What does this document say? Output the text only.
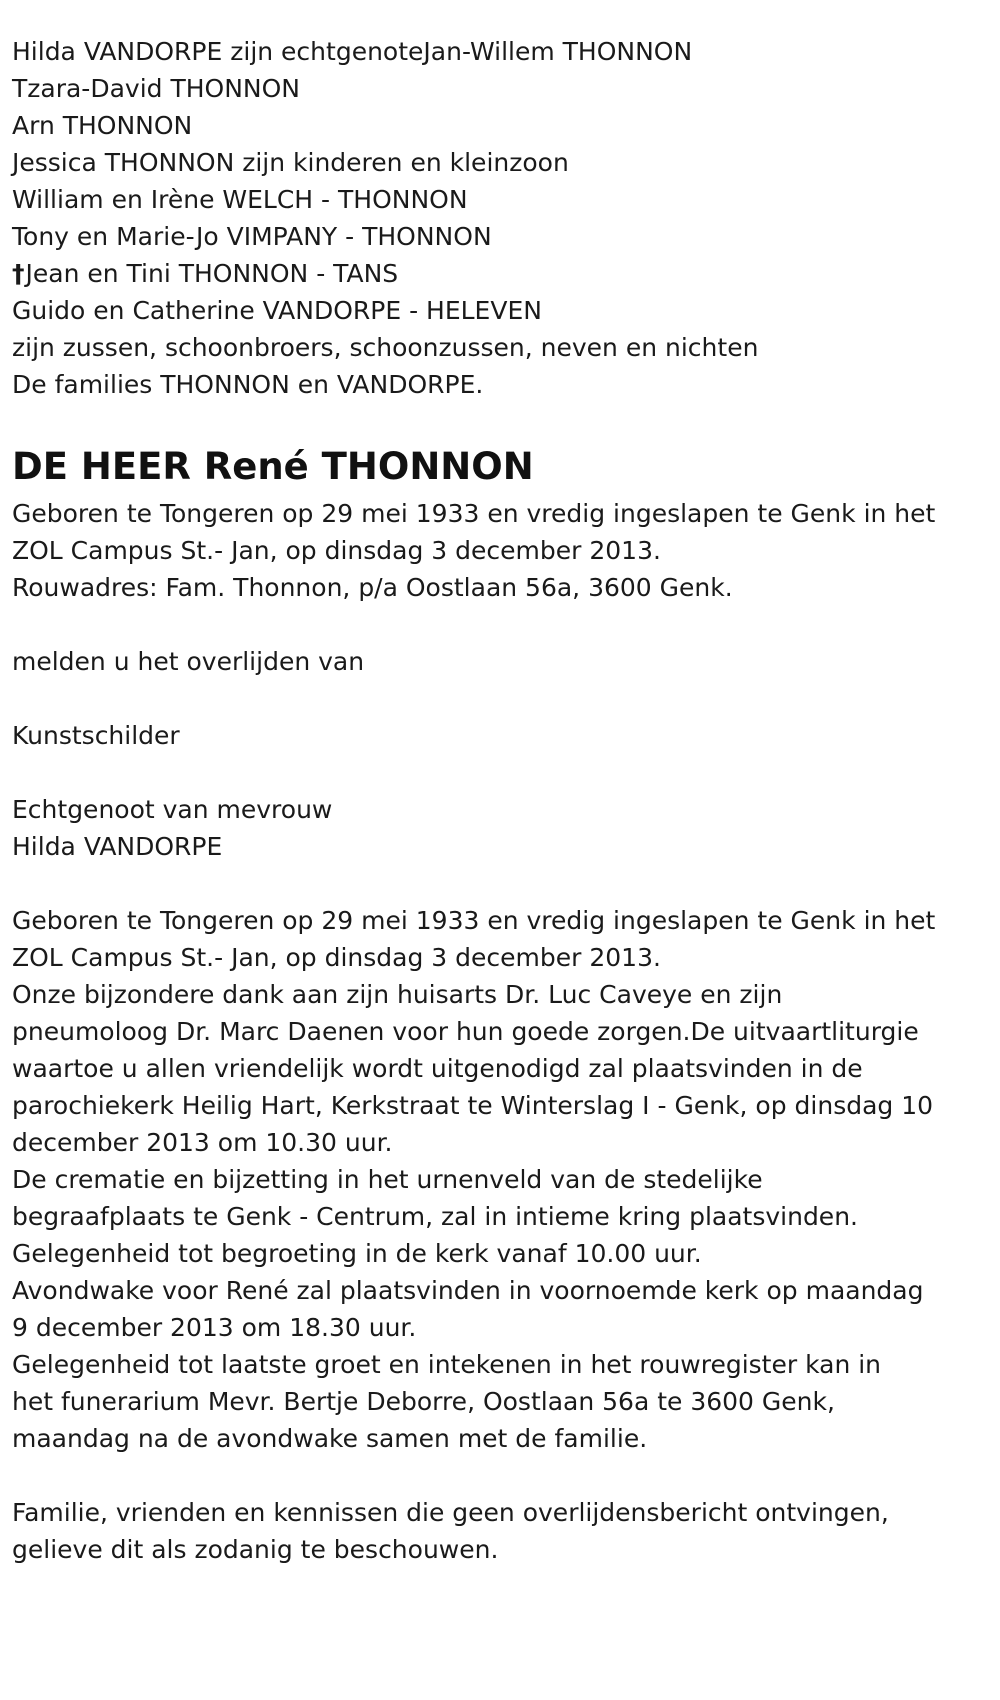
Hilda VANDORPE zijn echtgenoteJan-Willem THONNON
Tzara-David THONNON
Arn THONNON
Jessica THONNON zijn kinderen en kleinzoon
William en Irène WELCH - THONNON
Tony en Marie-Jo VIMPANY - THONNON
†Jean en Tini THONNON - TANS
Guido en Catherine VANDORPE - HELEVEN
zijn zussen, schoonbroers, schoonzussen, neven en nichten
De families THONNON en VANDORPE.
DE HEER René THONNON
Geboren te Tongeren op 29 mei 1933 en vredig ingeslapen te Genk in het
ZOL Campus St.- Jan, op dinsdag 3 december 2013.
Rouwadres: Fam. Thonnon, p/a Oostlaan 56a, 3600 Genk.
melden u het overlijden van
Kunstschilder
Echtgenoot van mevrouw
Hilda VANDORPE
Geboren te Tongeren op 29 mei 1933 en vredig ingeslapen te Genk in het
ZOL Campus St.- Jan, op dinsdag 3 december 2013.
Onze bijzondere dank aan zijn huisarts Dr. Luc Caveye en zijn
pneumoloog Dr. Marc Daenen voor hun goede zorgen.De uitvaartliturgie
waartoe u allen vriendelijk wordt uitgenodigd zal plaatsvinden in de
parochiekerk Heilig Hart, Kerkstraat te Winterslag I - Genk, op dinsdag 10
december 2013 om 10.30 uur.
De crematie en bijzetting in het urnenveld van de stedelijke
begraafplaats te Genk - Centrum, zal in intieme kring plaatsvinden.
Gelegenheid tot begroeting in de kerk vanaf 10.00 uur.
Avondwake voor René zal plaatsvinden in voornoemde kerk op maandag
9 december 2013 om 18.30 uur.
Gelegenheid tot laatste groet en intekenen in het rouwregister kan in
het funerarium Mevr. Bertje Deborre, Oostlaan 56a te 3600 Genk,
maandag na de avondwake samen met de familie.
Familie, vrienden en kennissen die geen overlijdensbericht ontvingen,
gelieve dit als zodanig te beschouwen.
